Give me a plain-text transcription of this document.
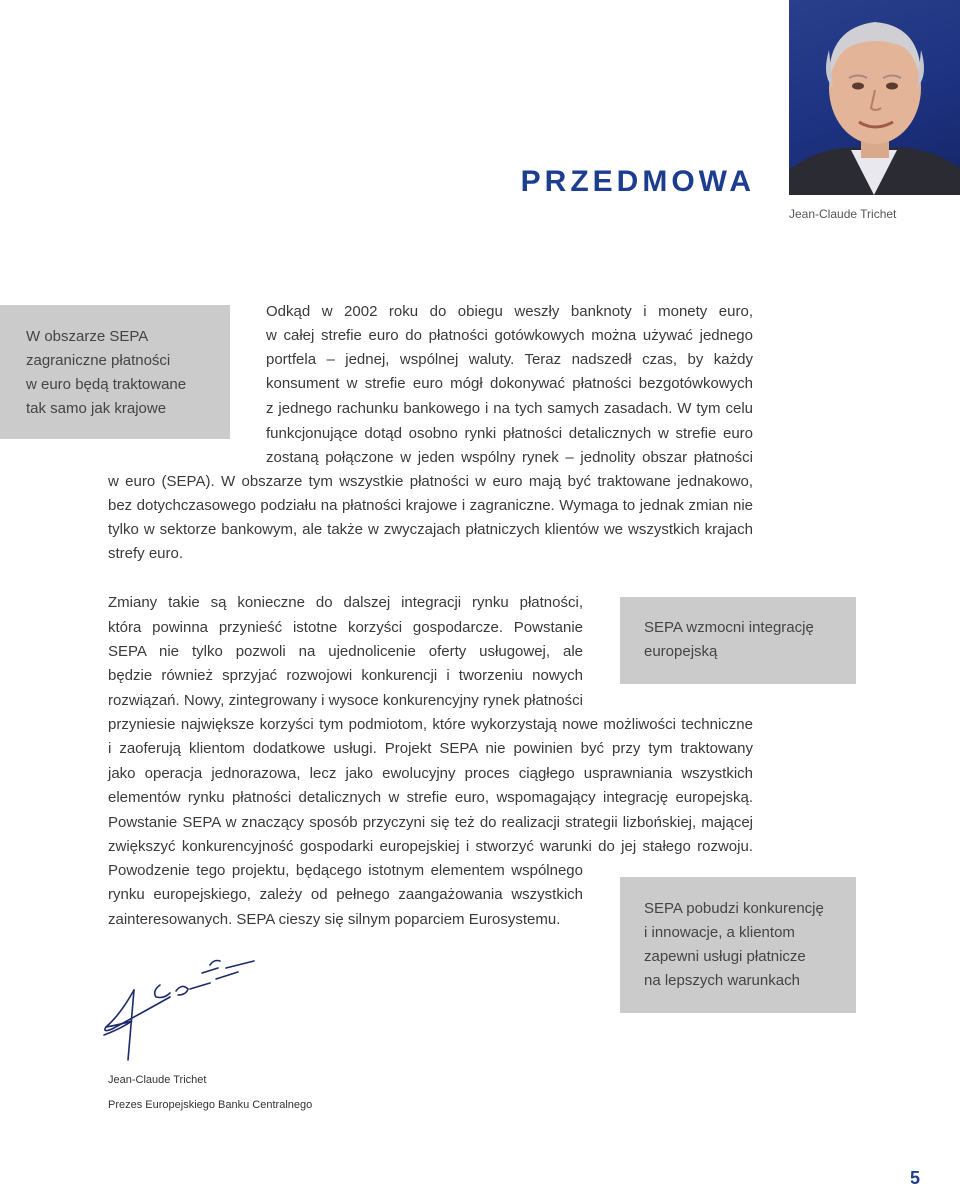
PRZEDMOWA
Jean-Claude Trichet
W obszarze SEPA
zagraniczne płatności
w euro będą traktowane
tak samo jak krajowe
SEPA wzmocni integrację
europejską
SEPA pobudzi konkurencję
i innowacje, a klientom
zapewni usługi płatnicze
na lepszych warunkach
Odkąd w 2002 roku do obiegu weszły banknoty i monety euro,
w całej strefie euro do płatności gotówkowych można używać jednego
portfela – jednej, wspólnej waluty. Teraz nadszedł czas, by każdy
konsument w strefie euro mógł dokonywać płatności bezgotówkowych
z jednego rachunku bankowego i na tych samych zasadach. W tym celu
funkcjonujące dotąd osobno rynki płatności detalicznych w strefie euro
zostaną połączone w jeden wspólny rynek – jednolity obszar płatności
w euro (SEPA). W obszarze tym wszystkie płatności w euro mają być traktowane jednakowo,
bez dotychczasowego podziału na płatności krajowe i zagraniczne. Wymaga to jednak zmian nie
tylko w sektorze bankowym, ale także w zwyczajach płatniczych klientów we wszystkich krajach
strefy euro.
Zmiany takie są konieczne do dalszej integracji rynku płatności,
która powinna przynieść istotne korzyści gospodarcze. Powstanie
SEPA nie tylko pozwoli na ujednolicenie oferty usługowej, ale
będzie również sprzyjać rozwojowi konkurencji i tworzeniu nowych
rozwiązań. Nowy, zintegrowany i wysoce konkurencyjny rynek płatności
przyniesie największe korzyści tym podmiotom, które wykorzystają nowe możliwości techniczne
i zaoferują klientom dodatkowe usługi. Projekt SEPA nie powinien być przy tym traktowany
jako operacja jednorazowa, lecz jako ewolucyjny proces ciągłego usprawniania wszystkich
elementów rynku płatności detalicznych w strefie euro, wspomagający integrację europejską.
Powstanie SEPA w znaczący sposób przyczyni się też do realizacji strategii lizbońskiej, mającej
zwiększyć konkurencyjność gospodarki europejskiej i stworzyć warunki do jej stałego rozwoju.
Powodzenie tego projektu, będącego istotnym elementem wspólnego
rynku europejskiego, zależy od pełnego zaangażowania wszystkich
zainteresowanych. SEPA cieszy się silnym poparciem Eurosystemu.
Jean-Claude Trichet
Prezes Europejskiego Banku Centralnego
5
